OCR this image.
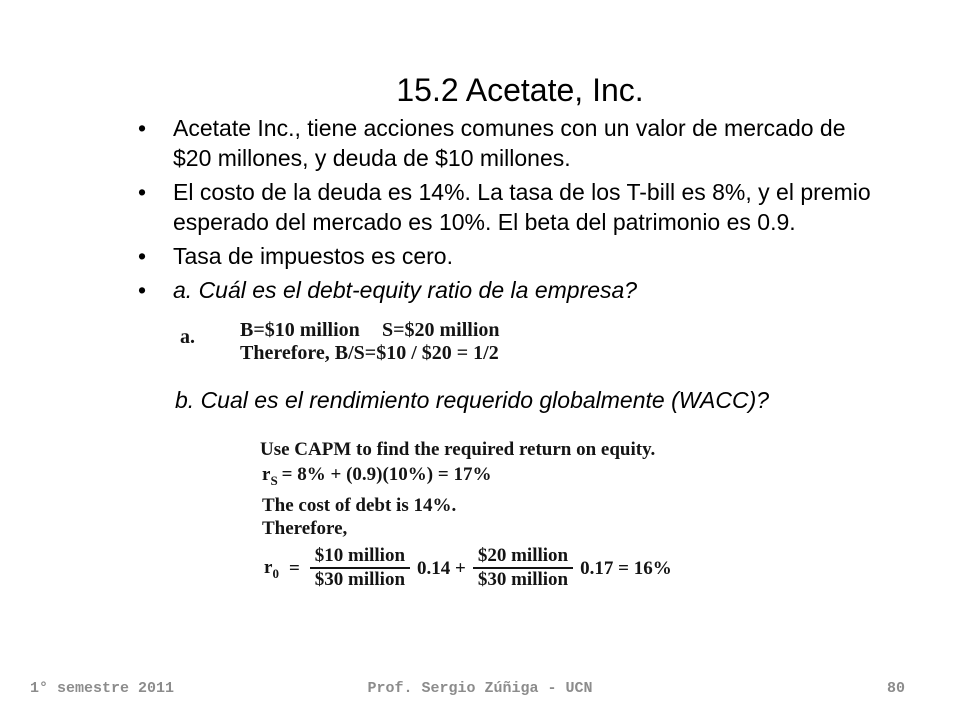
15.2 Acetate, Inc.
• Acetate Inc., tiene acciones comunes con un valor de mercado de
$20 millones, y deuda de $10 millones.
• El costo de la deuda es 14%. La tasa de los T-bill es 8%, y el premio
esperado del mercado es 10%. El beta del patrimonio es 0.9.
• Tasa de impuestos es cero.
• a. Cuál es el debt-equity ratio de la empresa?
a. B=$10 million S=$20 million
Therefore, B/S=$10 / $20 = 1/2
b. Cual es el rendimiento requerido globalmente (WACC)?
Use CAPM to find the required return on equity.
$r_S = 8\% + (0.9)(10\%) = 17\%$
The cost of debt is 14%.
Therefore,
$r_0 = \frac{\text{\$10 million}}{\text{\$30 million}} 0.14 + \frac{\text{\$20 million}}{\text{\$30 million}} 0.17 = 16\%$
1° semestre 2011	Prof. Sergio Zúñiga - UCN	80
